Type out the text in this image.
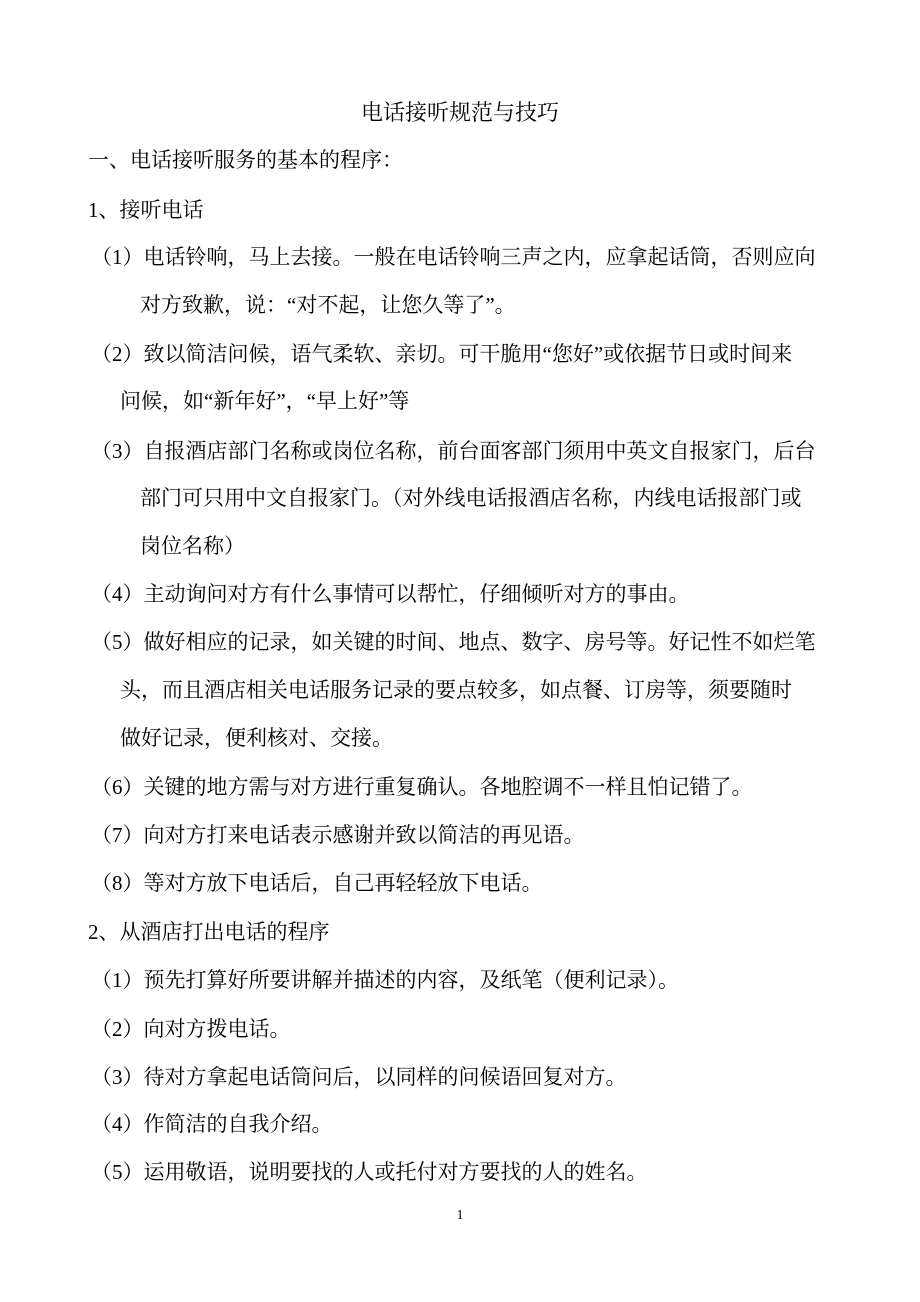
电话接听规范与技巧
一、电话接听服务的基本的程序：
1、接听电话
（1）电话铃响，马上去接。一般在电话铃响三声之内，应拿起话筒，否则应向
对方致歉，说：“对不起，让您久等了”。
（2）致以简洁问候，语气柔软、亲切。可干脆用“您好”或依据节日或时间来
问候，如“新年好”，“早上好”等
（3）自报酒店部门名称或岗位名称，前台面客部门须用中英文自报家门，后台
部门可只用中文自报家门。（对外线电话报酒店名称，内线电话报部门或
岗位名称）
（4）主动询问对方有什么事情可以帮忙，仔细倾听对方的事由。
（5）做好相应的记录，如关键的时间、地点、数字、房号等。好记性不如烂笔
头，而且酒店相关电话服务记录的要点较多，如点餐、订房等，须要随时
做好记录，便利核对、交接。
（6）关键的地方需与对方进行重复确认。各地腔调不一样且怕记错了。
（7）向对方打来电话表示感谢并致以简洁的再见语。
（8）等对方放下电话后，自己再轻轻放下电话。
2、从酒店打出电话的程序
（1）预先打算好所要讲解并描述的内容，及纸笔（便利记录）。
（2）向对方拨电话。
（3）待对方拿起电话筒问后，以同样的问候语回复对方。
（4）作简洁的自我介绍。
（5）运用敬语，说明要找的人或托付对方要找的人的姓名。
1
